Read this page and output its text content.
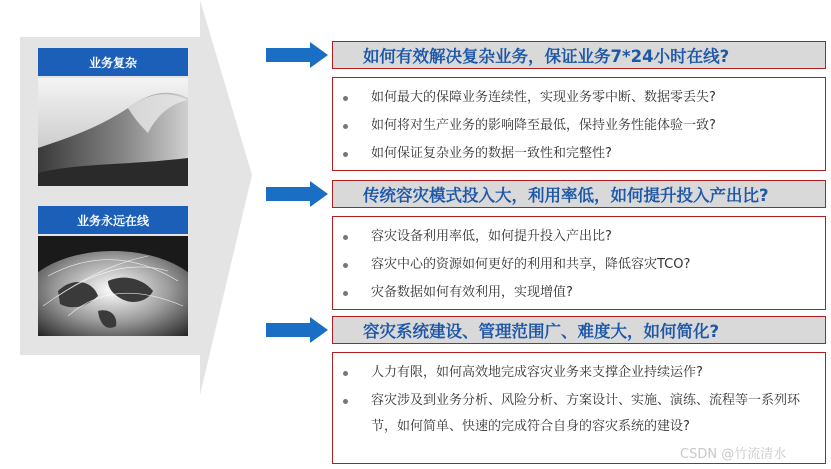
业务复杂
业务永远在线
如何有效解决复杂业务，保证业务7*24小时在线?
如何最大的保障业务连续性，实现业务零中断、数据零丢失?
如何将对生产业务的影响降至最低，保持业务性能体验一致?
如何保证复杂业务的数据一致性和完整性?
传统容灾模式投入大，利用率低，如何提升投入产出比?
容灾设备利用率低，如何提升投入产出比?
容灾中心的资源如何更好的利用和共享，降低容灾TCO?
灾备数据如何有效利用，实现增值?
容灾系统建设、管理范围广、难度大，如何简化?
人力有限，如何高效地完成容灾业务来支撑企业持续运作?
容灾涉及到业务分析、风险分析、方案设计、实施、演练、流程等一系列环节，如何简单、快速的完成符合自身的容灾系统的建设?
CSDN @竹流清水
